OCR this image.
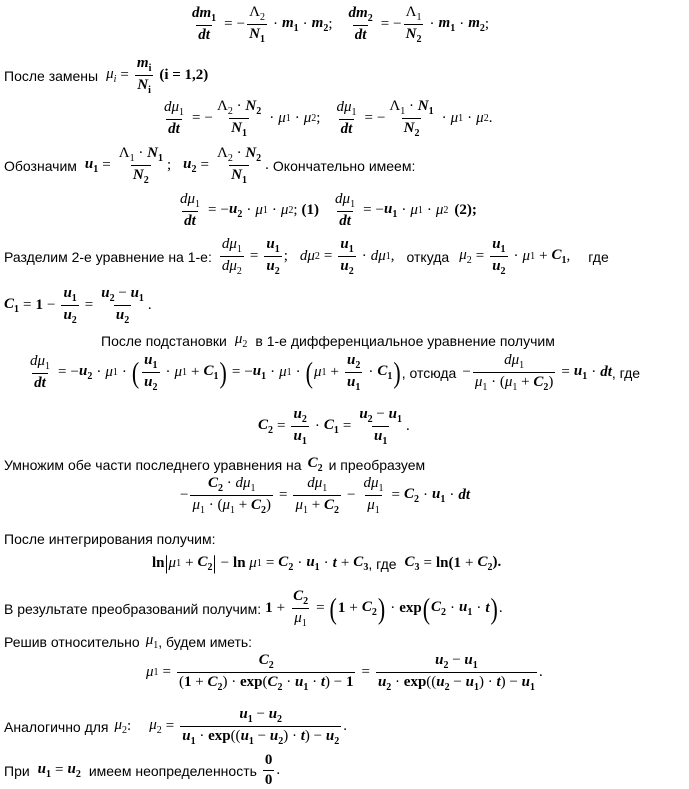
$\frac{dm_1}{dt}$ = − $\frac{\Lambda_2}{N_1} \cdot m_1 \cdot m_2$ ; $\frac{dm_2}{dt}$ = − $\frac{\Lambda_1}{N_2} \cdot m_1 \cdot m_2$ ;
После замены $\mu_i = \frac{m_i}{N_i} (i = 1,2)$
$\frac{d\mu_1}{dt}$ = − $\frac{\Lambda_2 \cdot N_2}{N_1} \cdot \mu$ 1 · μ 2 ; $\frac{d\mu_1}{dt}$ = − $\frac{\Lambda_1 \cdot N_1}{N_2} \cdot \mu$ 1 · μ 2 .
Обозначим $u_1 = \frac{\Lambda_1 \cdot N_1}{N_2}$ ; $u_2 = \frac{\Lambda_2 \cdot N_2}{N_1}$ . Окончательно имеем:
$\frac{d\mu_1}{dt}$ = − $u_2 \cdot \mu$ 1 · μ 2 ; $(1) \frac{d\mu_1}{dt}$ = − $u_1 \cdot \mu$ 1 · μ 2 (2);
Разделим 2-е уравнение на 1-е: $\frac{d\mu_1}{d\mu_2} = \frac{u_1}{u_2}$ ; dμ $2 = \frac{u_1}{u_2} \cdot d\mu$ 1 , откуда $\mu_2 = \frac{u_1}{u_2} \cdot \mu$ $1 + C_1$ , где
$C_1 = 1 - \frac{u_1}{u_2} = \frac{u_2 - u_1}{u_2}$ .
После подстановки $\mu_2$ в 1-е дифференциальное уравнение получим
$\frac{d\mu_1}{dt}$ = − $u_2 \cdot \mu$ 1 · ( $\frac{u_1}{u_2} \cdot \mu$ $1 + C_1$ ) = − $u_1 \cdot \mu$ 1 · ( μ $1 + \frac{u_2}{u_1} \cdot C_1$ ) , отсюда − $\frac{d\mu_1}{\mu_1 \cdot (\mu_1 + C_2)} = u_1$ · dt , где
$C_2 = \frac{u_2}{u_1} \cdot C_1 = \frac{u_2 - u_1}{u_1}$ .
Умножим обе части последнего уравнения на $C_2$ и преобразуем
− $\frac{C_2 \cdot d\mu_1}{\mu_1 \cdot (\mu_1 + C_2)} = \frac{d\mu_1}{\mu_1 + C_2} - \frac{d\mu_1}{\mu_1} = C_2 \cdot u_1$ · dt
После интегрирования получим:
ln | μ $1 + C_2$ | − ln
μ $1 = C_2 \cdot u_1 \cdot t + C_3$ , где $C_3 = \ln(1 + C_2)$.
В результате преобразований получим: $1 + \frac{C_2}{\mu_1}$ = ( $1 + C_2$ ) · exp ( $C_2 \cdot u_1 \cdot t$ ) .
Решив относительно $\mu_1$ , будем иметь:
μ $1 = \frac{C_2}{(1 + C_2) \cdot \exp(C_2 \cdot u_1 \cdot t) - 1} = \frac{u_2 - u_1}{u_2 \cdot \exp((u_2 - u_1) \cdot t) - u_1}$ .
Аналогично для $\mu_2$ : $\mu_2 = \frac{u_1 - u_2}{u_1 \cdot \exp((u_1 - u_2) \cdot t) - u_2}$ .
При $u_1 = u_2$ имеем неопределенность $\frac{0}{0}$ .
